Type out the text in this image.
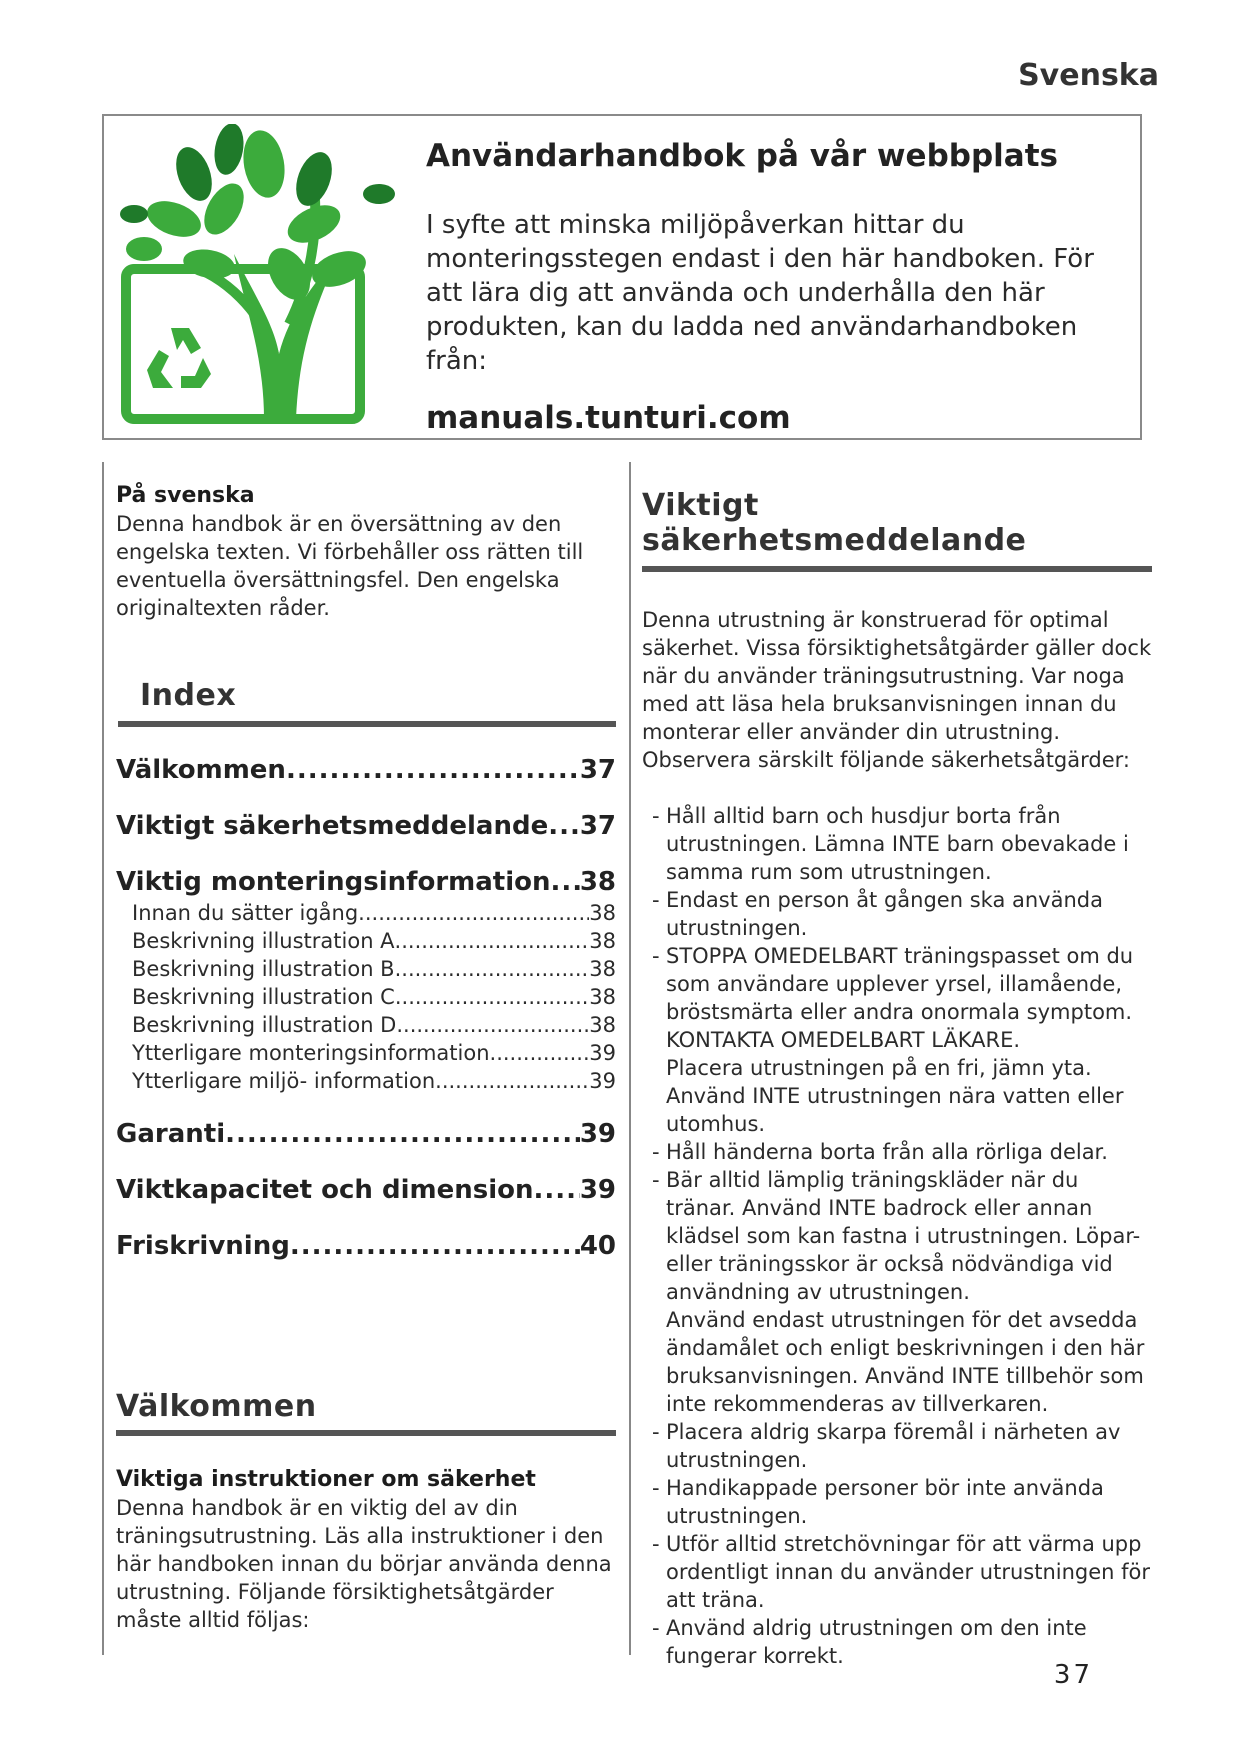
Svenska
Användarhandbok på vår webbplats
I syfte att minska miljöpåverkan hittar du monteringsstegen endast i den här handboken. För att lära dig att använda och underhålla den här produkten, kan du ladda ned användarhandboken från:
manuals.tunturi.com
På svenska
Denna handbok är en översättning av den engelska texten. Vi förbehåller oss rätten till eventuella översättningsfel. Den engelska originaltexten råder.
Index
Välkommen .....	37
Viktigt säkerhetsmeddelande ..... 37
Viktig monteringsinformation ..... 38
Innan du sätter igång .....	38
Beskrivning illustration A .....	38
Beskrivning illustration B .....	38
Beskrivning illustration C .....	38
Beskrivning illustration D .....	38
Ytterligare monteringsinformation .....	39
Ytterligare miljö- information .....	39
Garanti .....	39
Viktkapacitet och dimension ..... 39
Friskrivning .....	40
Välkommen
Viktiga instruktioner om säkerhet
Denna handbok är en viktig del av din träningsutrustning. Läs alla instruktioner i den här handboken innan du börjar använda denna utrustning. Följande försiktighetsåtgärder måste alltid följas:
Viktigt säkerhetsmeddelande
Denna utrustning är konstruerad för optimal säkerhet. Vissa försiktighetsåtgärder gäller dock när du använder träningsutrustning. Var noga med att läsa hela bruksanvisningen innan du monterar eller använder din utrustning. Observera särskilt följande säkerhetsåtgärder:
- Håll alltid barn och husdjur borta från utrustningen. Lämna INTE barn obevakade i samma rum som utrustningen.
- Endast en person åt gången ska använda utrustningen.
- STOPPA OMEDELBART träningspasset om du som användare upplever yrsel, illamående, bröstsmärta eller andra onormala symptom. KONTAKTA OMEDELBART LÄKARE.
Placera utrustningen på en fri, jämn yta. Använd INTE utrustningen nära vatten eller utomhus.
- Håll händerna borta från alla rörliga delar.
- Bär alltid lämplig träningskläder när du tränar. Använd INTE badrock eller annan klädsel som kan fastna i utrustningen. Löpar- eller träningsskor är också nödvändiga vid användning av utrustningen.
Använd endast utrustningen för det avsedda ändamålet och enligt beskrivningen i den här bruksanvisningen. Använd INTE tillbehör som inte rekommenderas av tillverkaren.
- Placera aldrig skarpa föremål i närheten av utrustningen.
- Handikappade personer bör inte använda utrustningen.
- Utför alltid stretchövningar för att värma upp ordentligt innan du använder utrustningen för att träna.
- Använd aldrig utrustningen om den inte fungerar korrekt.
37
